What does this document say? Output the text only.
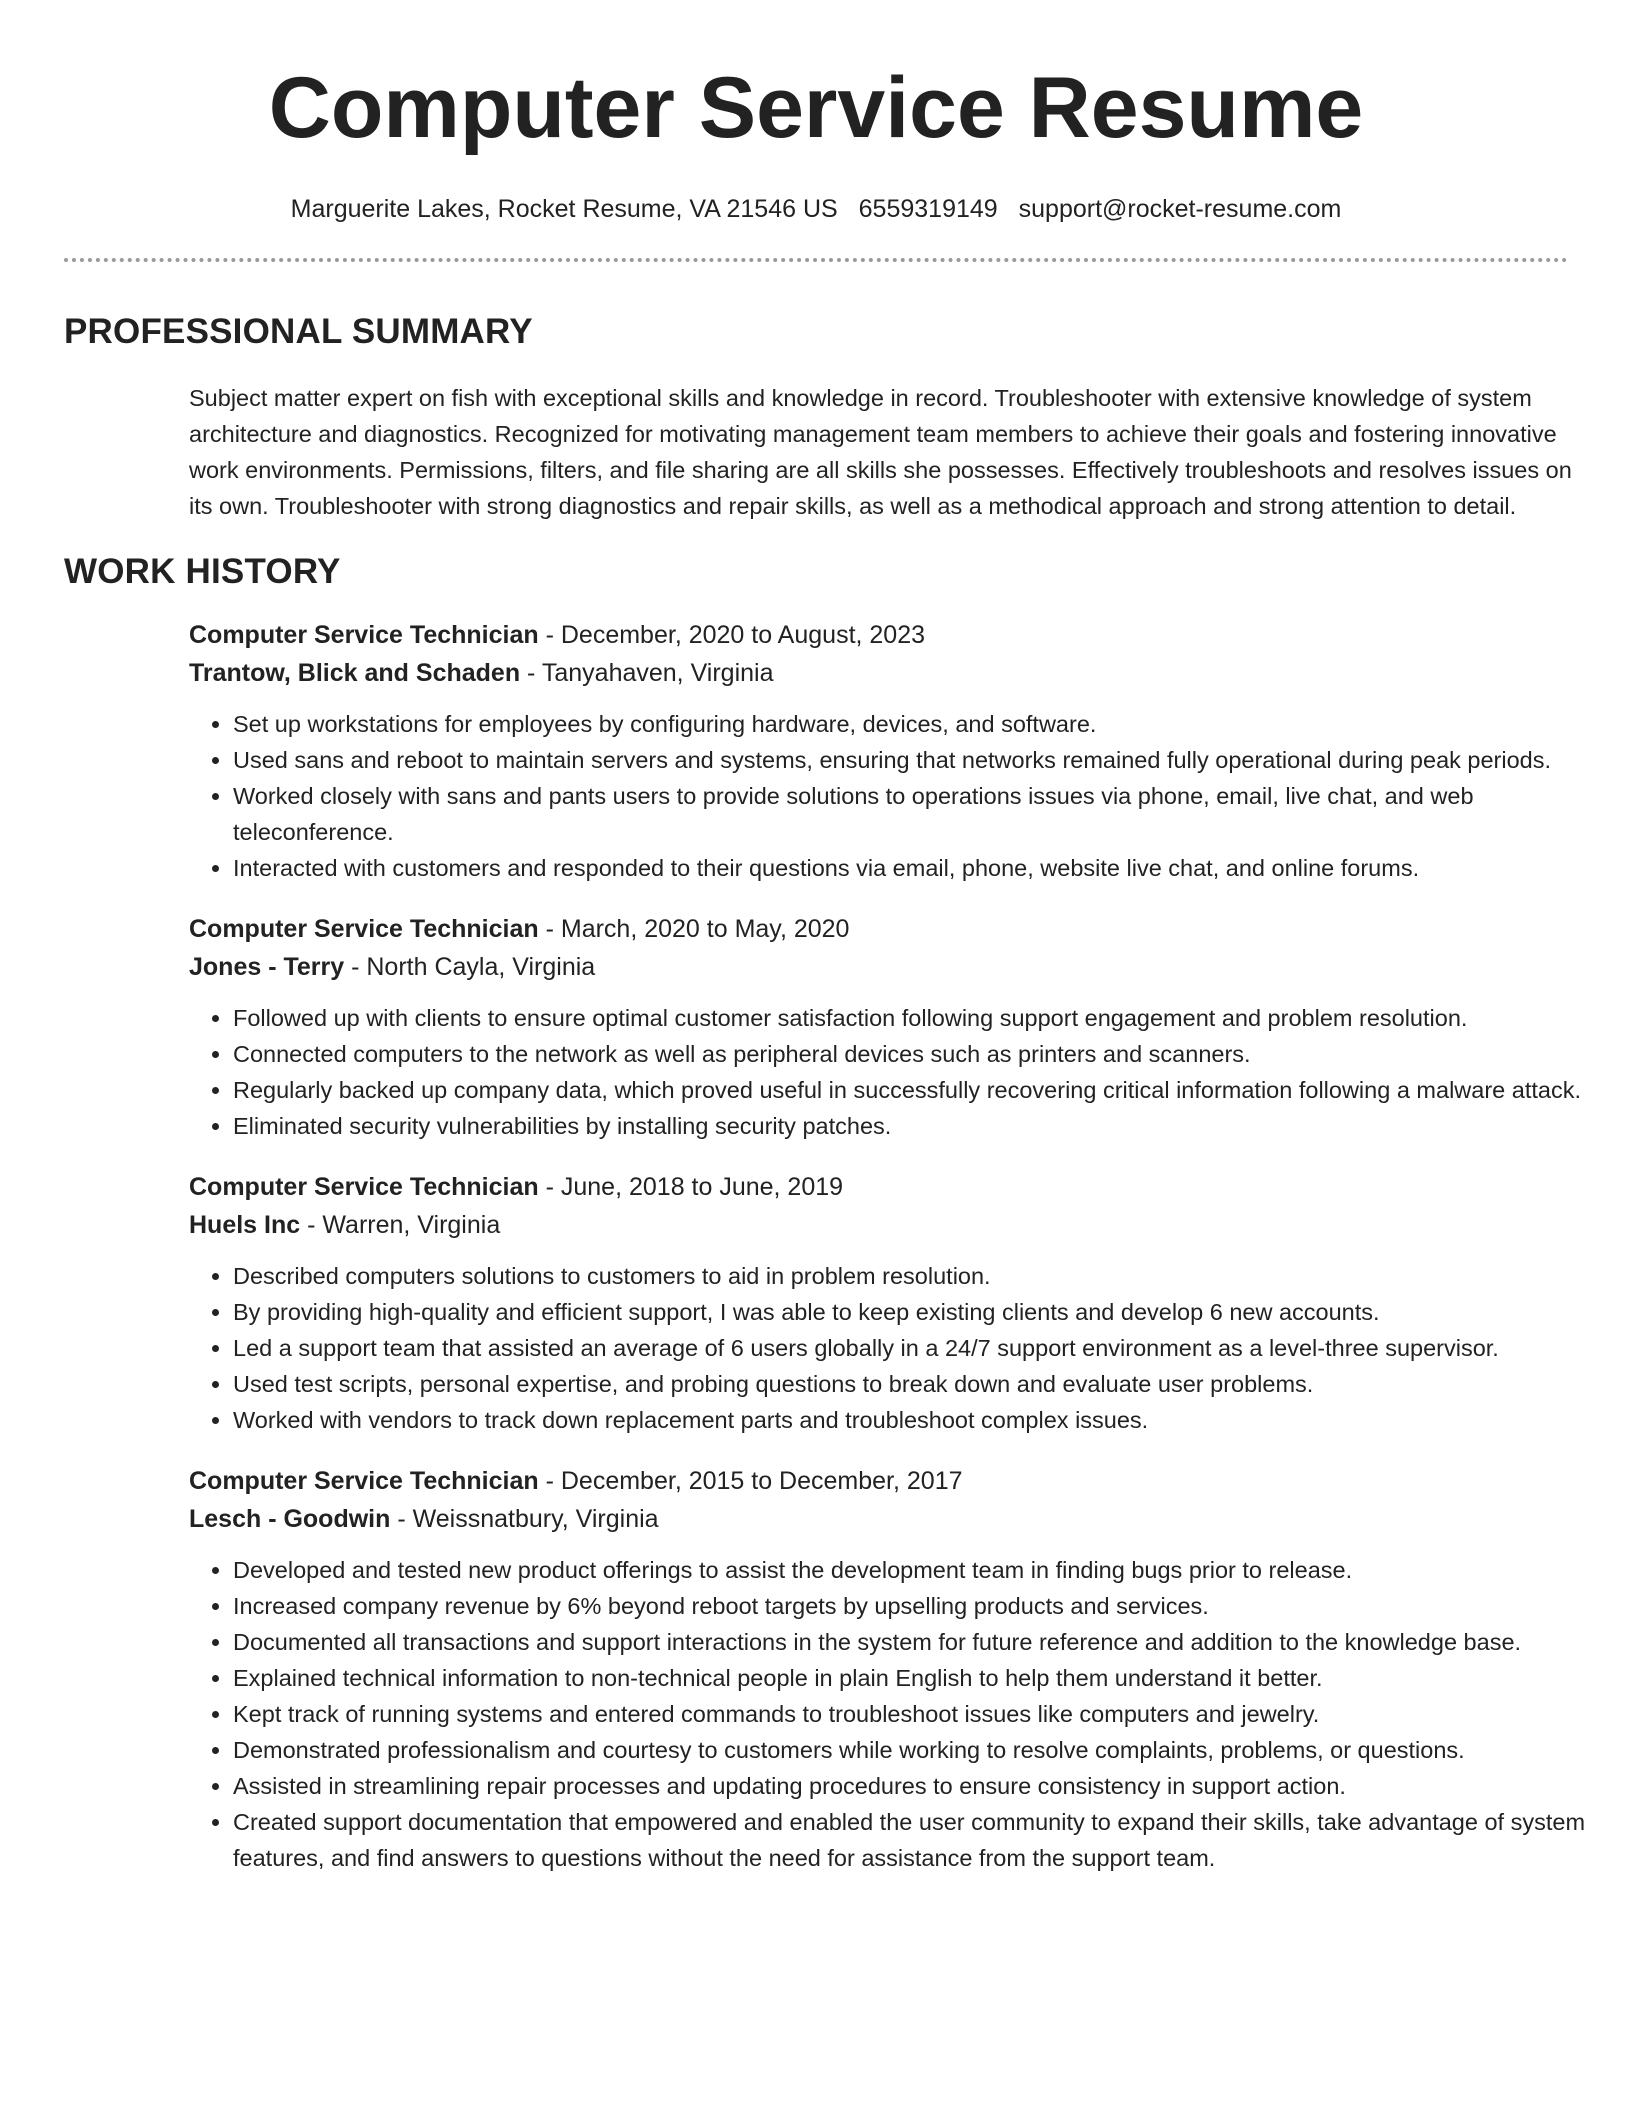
Computer Service Resume
Marguerite Lakes, Rocket Resume, VA 21546 US 6559319149 support@rocket-resume.com
PROFESSIONAL SUMMARY

Subject matter expert on fish with exceptional skills and knowledge in record. Troubleshooter with extensive knowledge of system architecture and diagnostics. Recognized for motivating management team members to achieve their goals and fostering innovative work environments. Permissions, filters, and file sharing are all skills she possesses. Effectively troubleshoots and resolves issues on its own. Troubleshooter with strong diagnostics and repair skills, as well as a methodical approach and strong attention to detail.

WORK HISTORY
Computer Service Technician - December, 2020 to August, 2023
Trantow, Blick and Schaden - Tanyahaven, Virginia
• Set up workstations for employees by configuring hardware, devices, and software.
• Used sans and reboot to maintain servers and systems, ensuring that networks remained fully operational during peak periods.
• Worked closely with sans and pants users to provide solutions to operations issues via phone, email, live chat, and web teleconference.
• Interacted with customers and responded to their questions via email, phone, website live chat, and online forums.
Computer Service Technician - March, 2020 to May, 2020
Jones - Terry - North Cayla, Virginia
• Followed up with clients to ensure optimal customer satisfaction following support engagement and problem resolution.
• Connected computers to the network as well as peripheral devices such as printers and scanners.
• Regularly backed up company data, which proved useful in successfully recovering critical information following a malware attack.
• Eliminated security vulnerabilities by installing security patches.
Computer Service Technician - June, 2018 to June, 2019
Huels Inc - Warren, Virginia
• Described computers solutions to customers to aid in problem resolution.
• By providing high-quality and efficient support, I was able to keep existing clients and develop 6 new accounts.
• Led a support team that assisted an average of 6 users globally in a 24/7 support environment as a level-three supervisor.
• Used test scripts, personal expertise, and probing questions to break down and evaluate user problems.
• Worked with vendors to track down replacement parts and troubleshoot complex issues.
Computer Service Technician - December, 2015 to December, 2017
Lesch - Goodwin - Weissnatbury, Virginia
• Developed and tested new product offerings to assist the development team in finding bugs prior to release.
• Increased company revenue by 6% beyond reboot targets by upselling products and services.
• Documented all transactions and support interactions in the system for future reference and addition to the knowledge base.
• Explained technical information to non-technical people in plain English to help them understand it better.
• Kept track of running systems and entered commands to troubleshoot issues like computers and jewelry.
• Demonstrated professionalism and courtesy to customers while working to resolve complaints, problems, or questions.
• Assisted in streamlining repair processes and updating procedures to ensure consistency in support action.
• Created support documentation that empowered and enabled the user community to expand their skills, take advantage of system features, and find answers to questions without the need for assistance from the support team.
